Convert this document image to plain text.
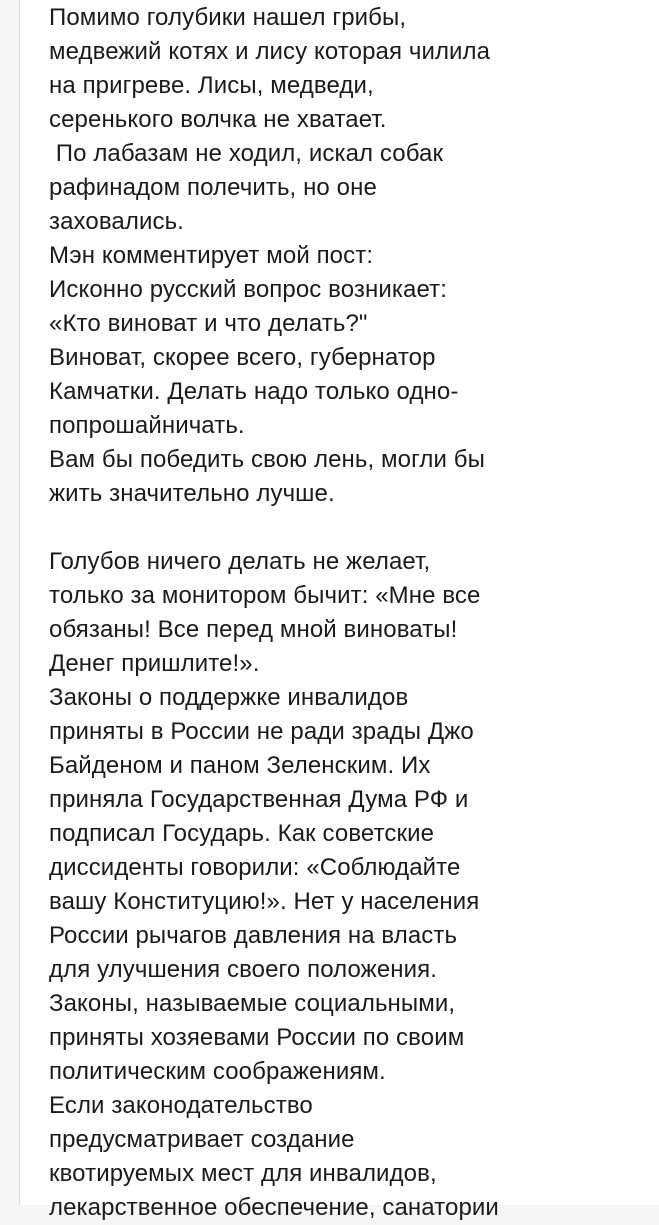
Помимо голубики нашел грибы,
медвежий котях и лису которая чилила
на пригреве. Лисы, медведи,
серенького волчка не хватает.
По лабазам не ходил, искал собак
рафинадом полечить, но оне
заховались.
Мэн комментирует мой пост:
Исконно русский вопрос возникает:
«Кто виноват и что делать?"
Виноват, скорее всего, губернатор
Камчатки. Делать надо только одно-
попрошайничать.
Вам бы победить свою лень, могли бы
жить значительно лучше.
Голубов ничего делать не желает,
только за монитором бычит: «Мне все
обязаны! Все перед мной виноваты!
Денег пришлите!».
Законы о поддержке инвалидов
приняты в России не ради зрады Джо
Байденом и паном Зеленским. Их
приняла Государственная Дума РФ и
подписал Государь. Как советские
диссиденты говорили: «Соблюдайте
вашу Конституцию!». Нет у населения
России рычагов давления на власть
для улучшения своего положения.
Законы, называемые социальными,
приняты хозяевами России по своим
политическим соображениям.
Если законодательство
предусматривает создание
квотируемых мест для инвалидов,
лекарственное обеспечение, санатории
